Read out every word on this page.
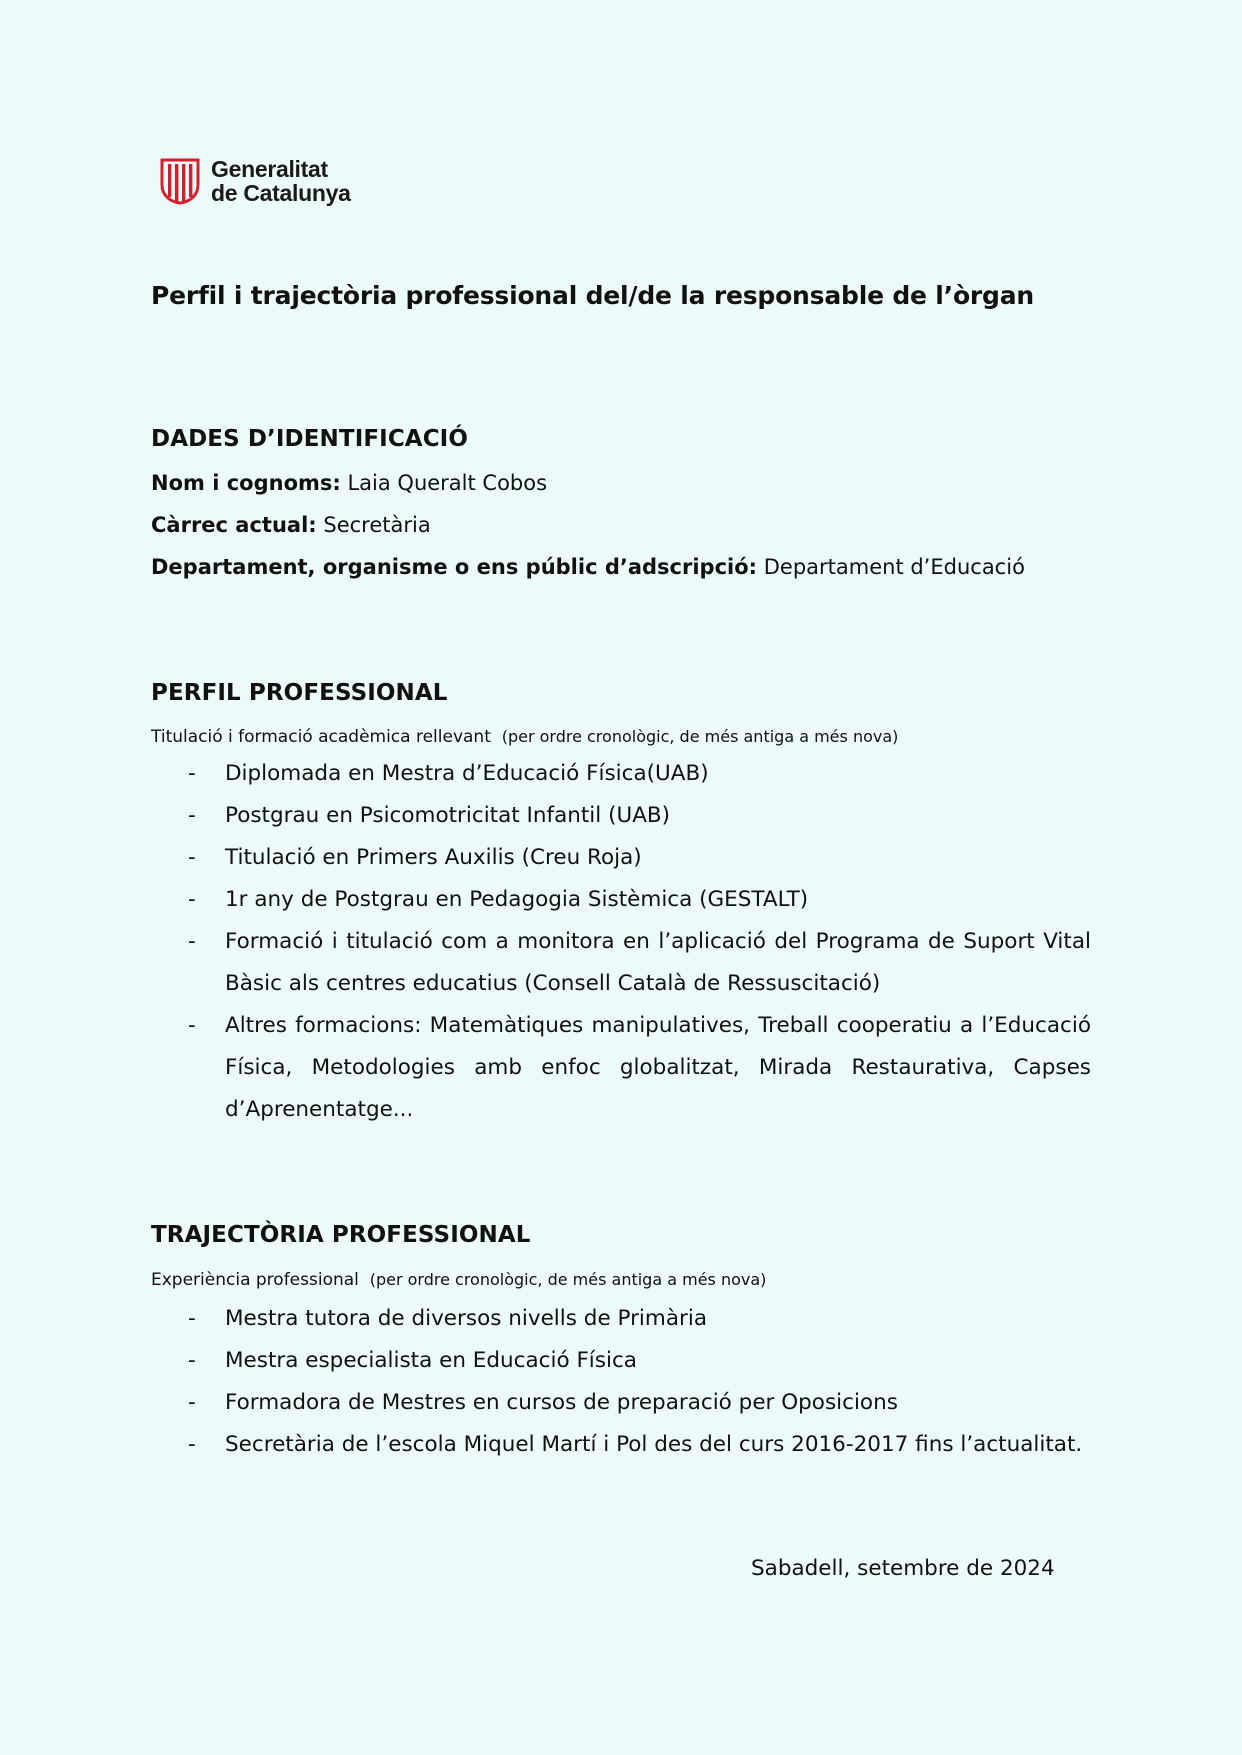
Generalitat
de Catalunya
Perfil i trajectòria professional del/de la responsable de l’òrgan
DADES D’IDENTIFICACIÓ

Nom i cognoms: Laia Queralt Cobos

Càrrec actual: Secretària

Departament, organisme o ens públic d’adscripció: Departament d’Educació

PERFIL PROFESSIONAL

Titulació i formació acadèmica rellevant (per ordre cronològic, de més antiga a més nova)

- Diplomada en Mestra d’Educació Física(UAB)
- Postgrau en Psicomotricitat Infantil (UAB)
- Titulació en Primers Auxilis (Creu Roja)
- 1r any de Postgrau en Pedagogia Sistèmica (GESTALT)
- Formació i titulació com a monitora en l’aplicació del Programa de Suport Vital Bàsic als centres educatius (Consell Català de Ressuscitació)
- Altres formacions: Matemàtiques manipulatives, Treball cooperatiu a l’Educació Física, Metodologies amb enfoc globalitzat, Mirada Restaurativa, Capses d’Aprenentatge...
TRAJECTÒRIA PROFESSIONAL

Experiència professional (per ordre cronològic, de més antiga a més nova)

- Mestra tutora de diversos nivells de Primària
- Mestra especialista en Educació Física
- Formadora de Mestres en cursos de preparació per Oposicions
- Secretària de l’escola Miquel Martí i Pol des del curs 2016-2017 fins l’actualitat.

Sabadell, setembre de 2024
